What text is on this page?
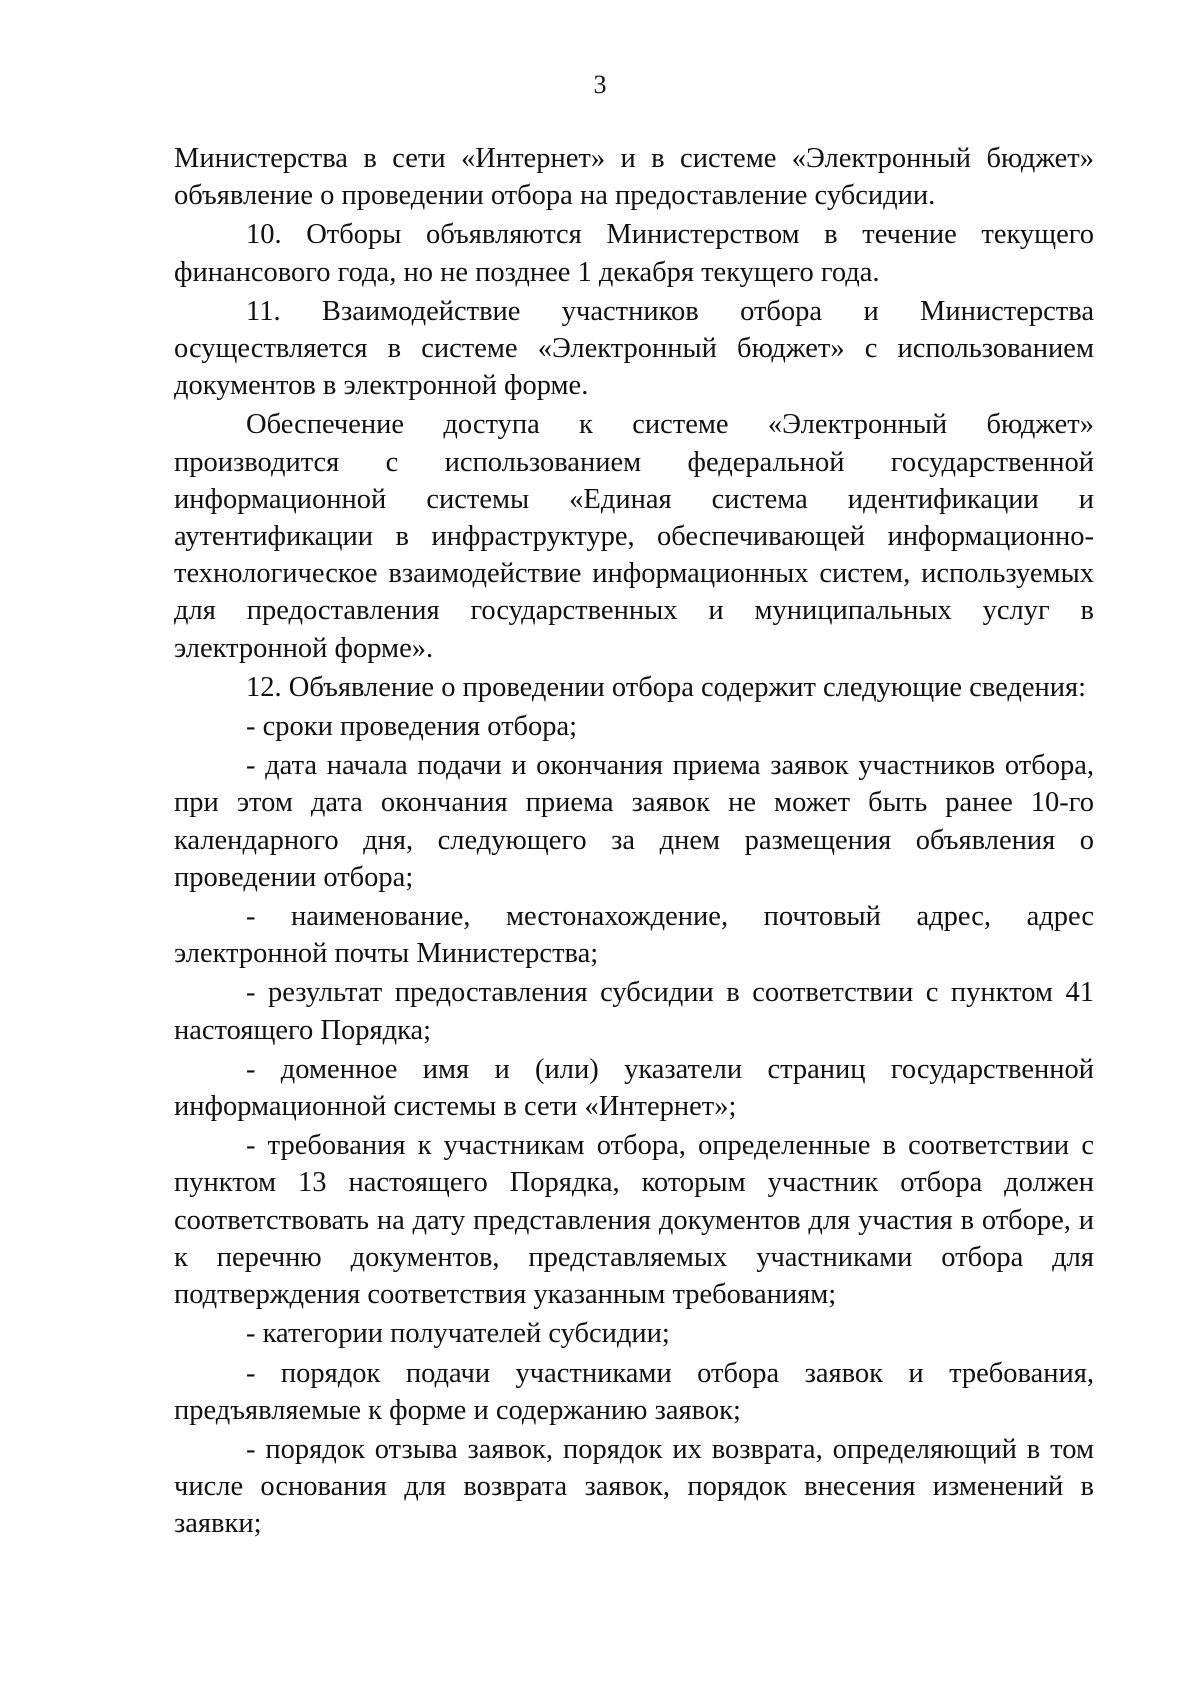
3

Министерства в сети «Интернет» и в системе «Электронный бюджет» объявление о проведении отбора на предоставление субсидии.

10. Отборы объявляются Министерством в течение текущего финансового года, но не позднее 1 декабря текущего года.

11. Взаимодействие участников отбора и Министерства осуществляется в системе «Электронный бюджет» с использованием документов в электронной форме.

Обеспечение доступа к системе «Электронный бюджет» производится с использованием федеральной государственной информационной системы «Единая система идентификации и аутентификации в инфраструктуре, обеспечивающей информационно-технологическое взаимодействие информационных систем, используемых для предоставления государственных и муниципальных услуг в электронной форме».

12. Объявление о проведении отбора содержит следующие сведения:

- сроки проведения отбора;

- дата начала подачи и окончания приема заявок участников отбора, при этом дата окончания приема заявок не может быть ранее 10-го календарного дня, следующего за днем размещения объявления о проведении отбора;

- наименование, местонахождение, почтовый адрес, адрес электронной почты Министерства;

- результат предоставления субсидии в соответствии с пунктом 41 настоящего Порядка;

- доменное имя и (или) указатели страниц государственной информационной системы в сети «Интернет»;

- требования к участникам отбора, определенные в соответствии с пунктом 13 настоящего Порядка, которым участник отбора должен соответствовать на дату представления документов для участия в отборе, и к перечню документов, представляемых участниками отбора для подтверждения соответствия указанным требованиям;

- категории получателей субсидии;

- порядок подачи участниками отбора заявок и требования, предъявляемые к форме и содержанию заявок;

- порядок отзыва заявок, порядок их возврата, определяющий в том числе основания для возврата заявок, порядок внесения изменений в заявки;
